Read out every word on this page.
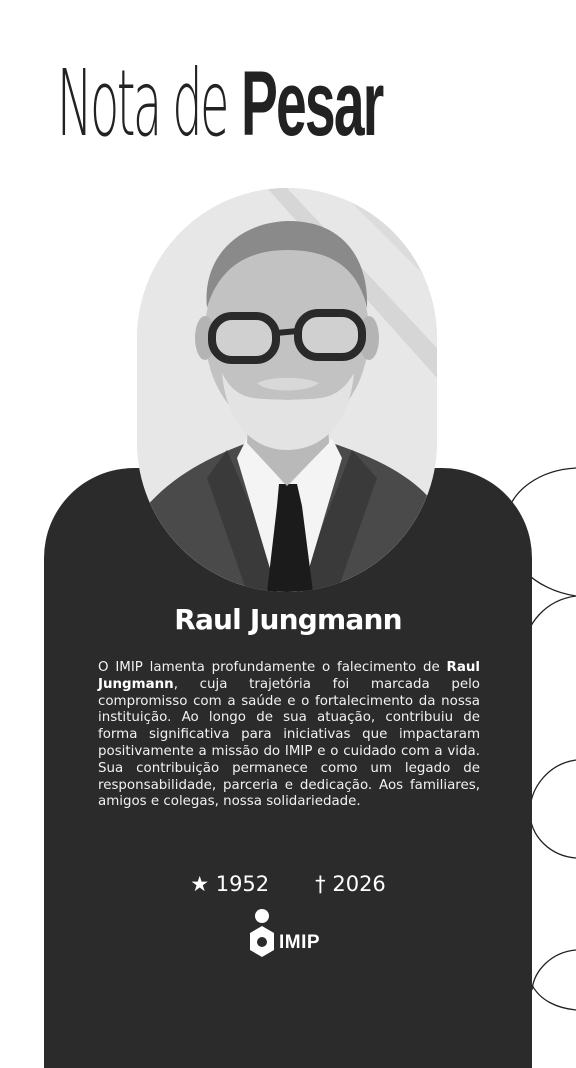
Nota de Pesar
Raul Jungmann
O IMIP lamenta profundamente o falecimento de Raul Jungmann, cuja trajetória foi marcada pelo compromisso com a saúde e o fortalecimento da nossa instituição. Ao longo de sua atuação, contribuiu de forma significativa para iniciativas que impactaram positivamente a missão do IMIP e o cuidado com a vida. Sua contribuição permanece como um legado de responsabilidade, parceria e dedicação. Aos familiares, amigos e colegas, nossa solidariedade.
★ 1952 † 2026
IMIP
